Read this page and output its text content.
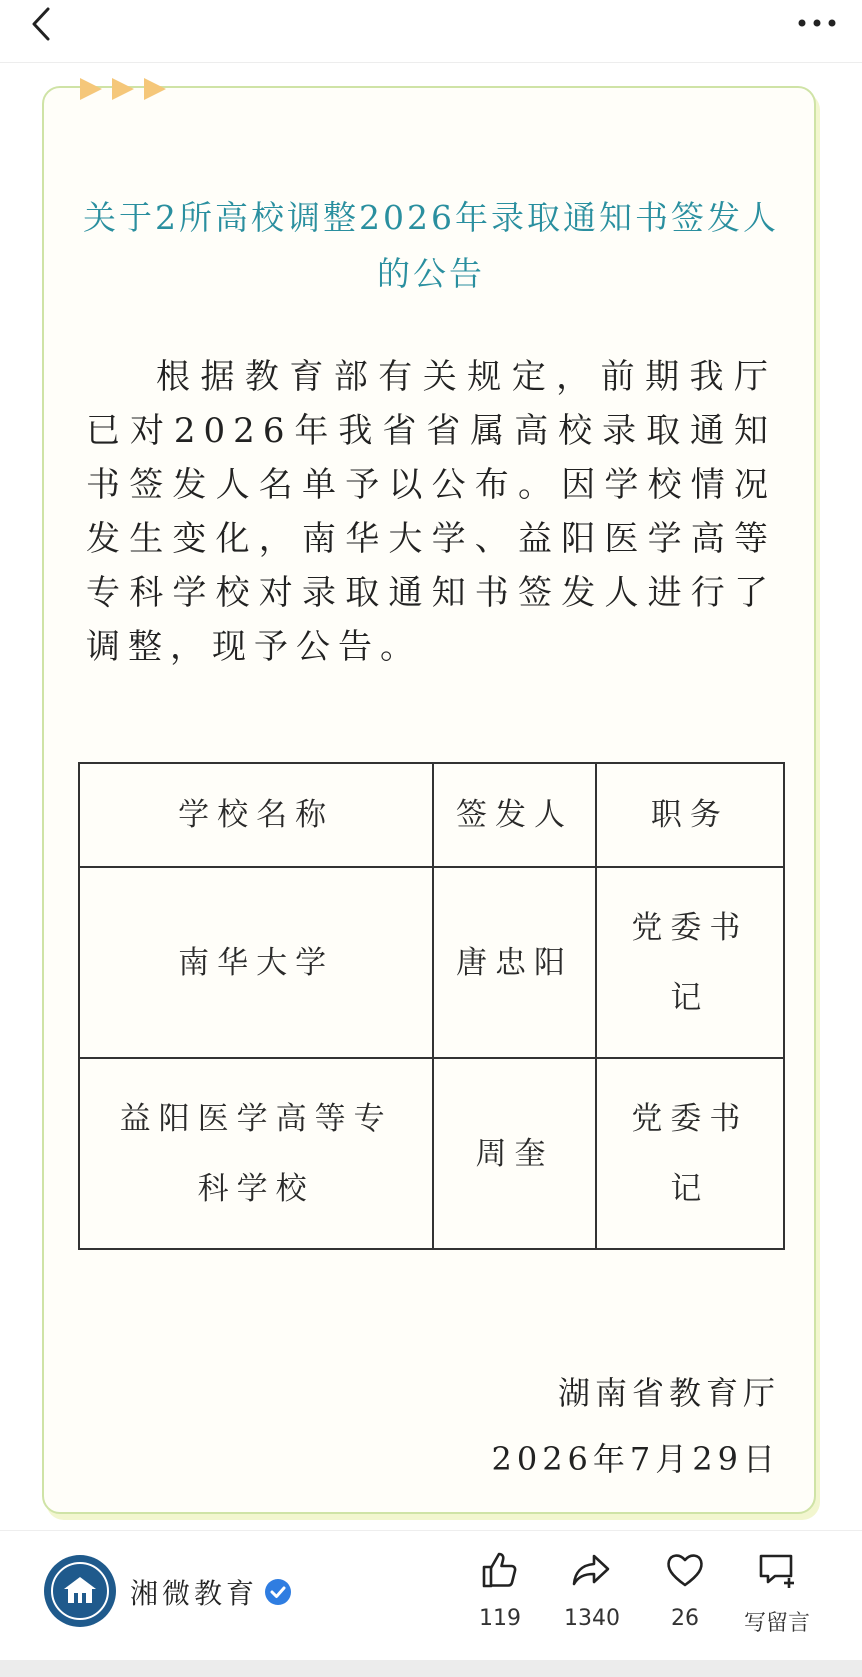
关于2所高校调整2026年录取通知书签发人的公告
根据教育部有关规定，前期我厅已对2026年我省省属高校录取通知书签发人名单予以公布。因学校情况发生变化，南华大学、益阳医学高等专科学校对录取通知书签发人进行了调整，现予公告。
学校名称	签发人	职务
南华大学	唐忠阳	党委书记
益阳医学高等专科学校	周奎	党委书记
湖南省教育厅
2026年7月29日
湘微教育
119	1340	26	写留言
